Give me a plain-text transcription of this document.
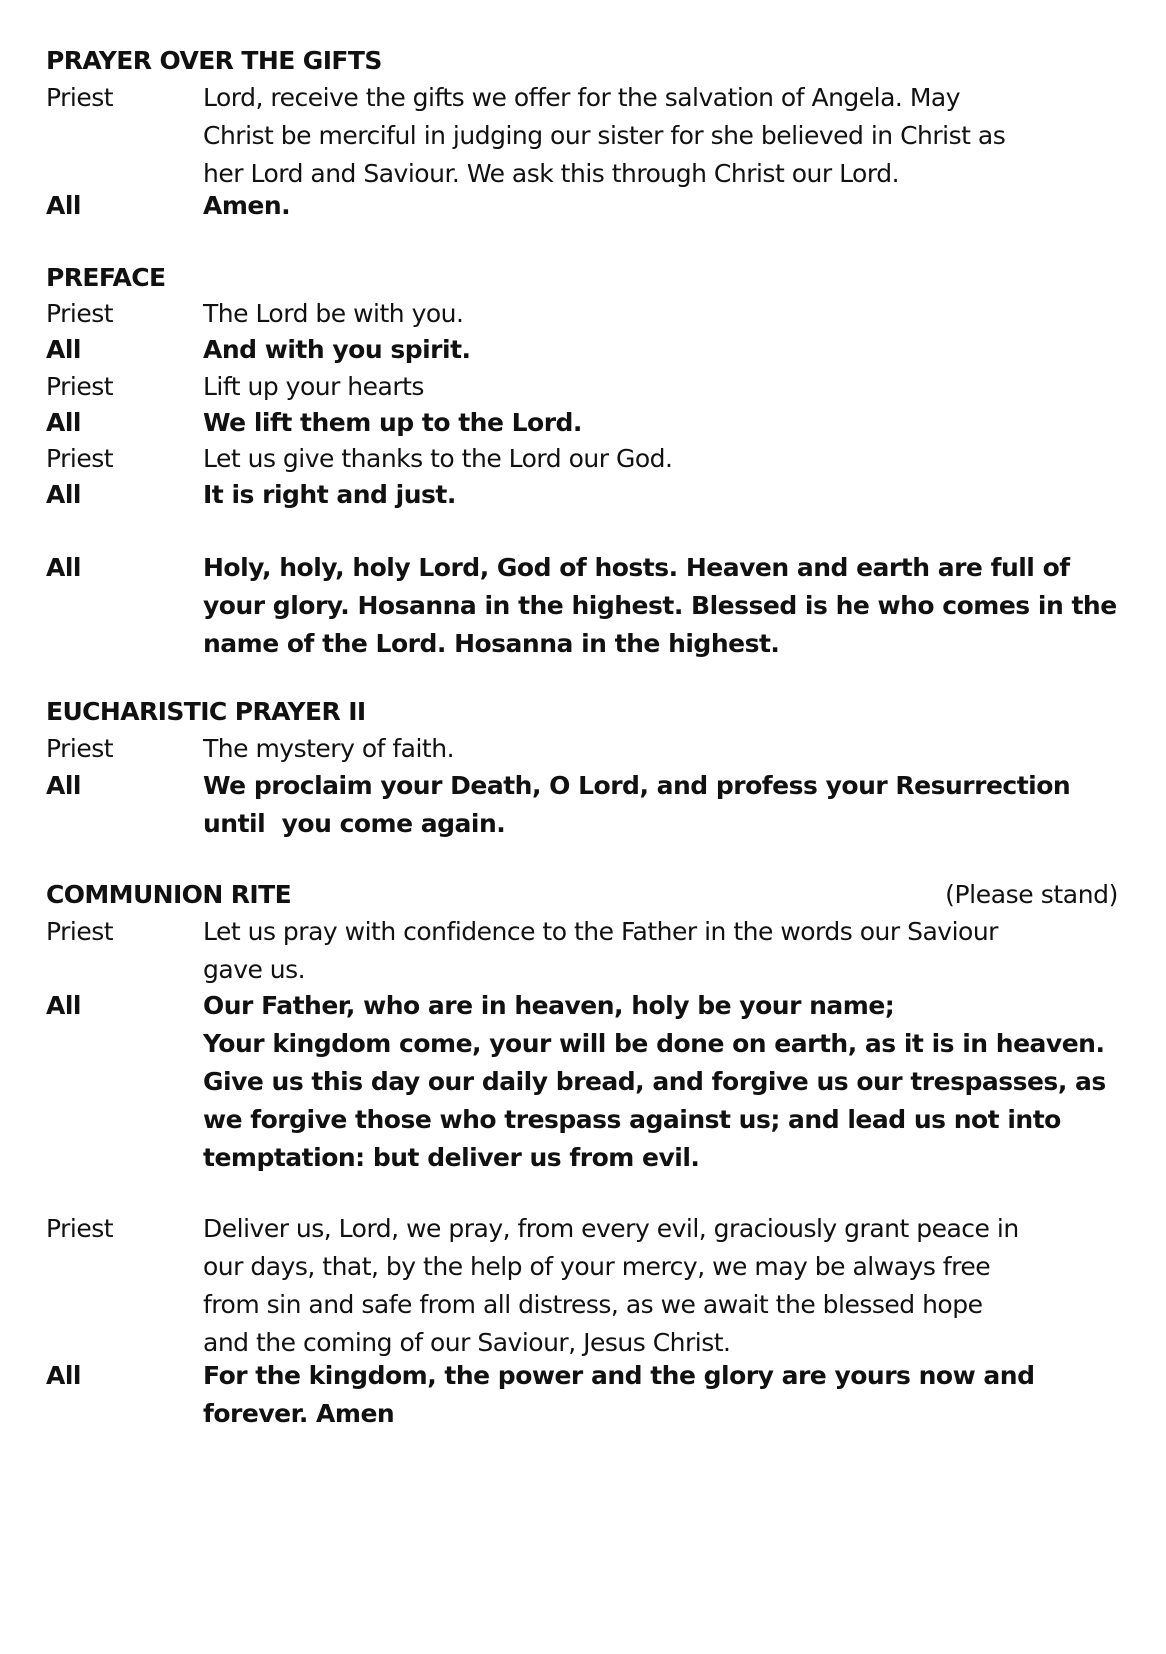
PRAYER OVER THE GIFTS
Priest	Lord, receive the gifts we offer for the salvation of Angela. May
Christ be merciful in judging our sister for she believed in Christ as
her Lord and Saviour. We ask this through Christ our Lord.
All	Amen.
PREFACE
Priest	The Lord be with you.
All	And with you spirit.
Priest	Lift up your hearts
All	We lift them up to the Lord.
Priest	Let us give thanks to the Lord our God.
All	It is right and just.
All	Holy, holy, holy Lord, God of hosts. Heaven and earth are full of
your glory. Hosanna in the highest. Blessed is he who comes in the
name of the Lord. Hosanna in the highest.
EUCHARISTIC PRAYER II
Priest	The mystery of faith.
All	We proclaim your Death, O Lord, and profess your Resurrection
until  you come again.
COMMUNION RITE	(Please stand)
Priest	Let us pray with confidence to the Father in the words our Saviour
gave us.
All	Our Father, who are in heaven, holy be your name;
Your kingdom come, your will be done on earth, as it is in heaven.
Give us this day our daily bread, and forgive us our trespasses, as
we forgive those who trespass against us; and lead us not into
temptation: but deliver us from evil.
Priest	Deliver us, Lord, we pray, from every evil, graciously grant peace in
our days, that, by the help of your mercy, we may be always free
from sin and safe from all distress, as we await the blessed hope
and the coming of our Saviour, Jesus Christ.
All	For the kingdom, the power and the glory are yours now and
forever. Amen
